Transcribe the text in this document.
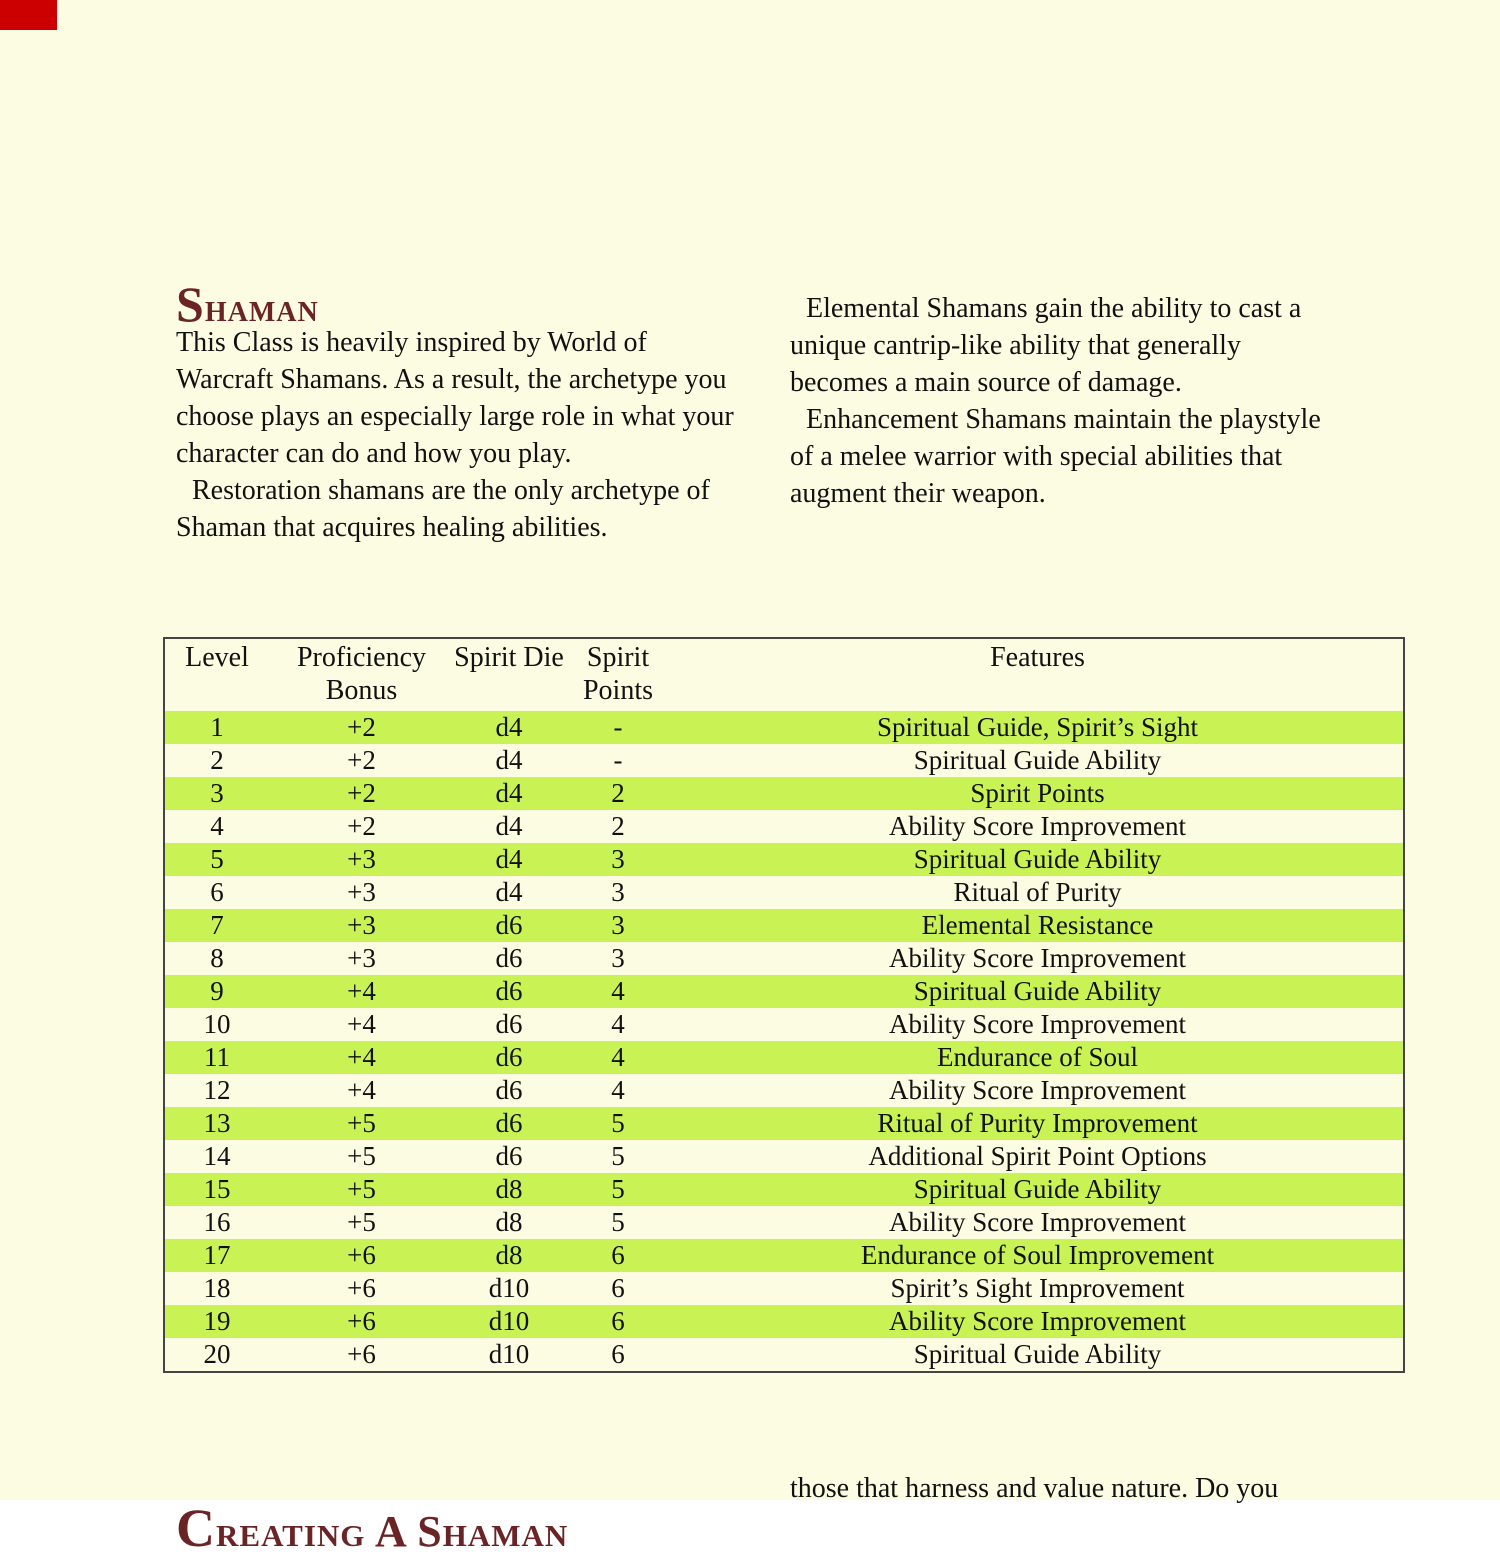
Shaman

This Class is heavily inspired by World of Warcraft Shamans. As a result, the archetype you choose plays an especially large role in what your character can do and how you play.

Restoration shamans are the only archetype of Shaman that acquires healing abilities.

Elemental Shamans gain the ability to cast a unique cantrip-like ability that generally becomes a main source of damage.

Enhancement Shamans maintain the playstyle of a melee warrior with special abilities that augment their weapon.

Level	Proficiency Bonus	Spirit Die	Spirit Points	Features
1	+2	d4	-	Spiritual Guide, Spirit’s Sight
2	+2	d4	-	Spiritual Guide Ability
3	+2	d4	2	Spirit Points
4	+2	d4	2	Ability Score Improvement
5	+3	d4	3	Spiritual Guide Ability
6	+3	d4	3	Ritual of Purity
7	+3	d6	3	Elemental Resistance
8	+3	d6	3	Ability Score Improvement
9	+4	d6	4	Spiritual Guide Ability
10	+4	d6	4	Ability Score Improvement
11	+4	d6	4	Endurance of Soul
12	+4	d6	4	Ability Score Improvement
13	+5	d6	5	Ritual of Purity Improvement
14	+5	d6	5	Additional Spirit Point Options
15	+5	d8	5	Spiritual Guide Ability
16	+5	d8	5	Ability Score Improvement
17	+6	d8	6	Endurance of Soul Improvement
18	+6	d10	6	Spirit’s Sight Improvement
19	+6	d10	6	Ability Score Improvement
20	+6	d10	6	Spiritual Guide Ability
Creating A Shaman
those that harness and value nature. Do you
